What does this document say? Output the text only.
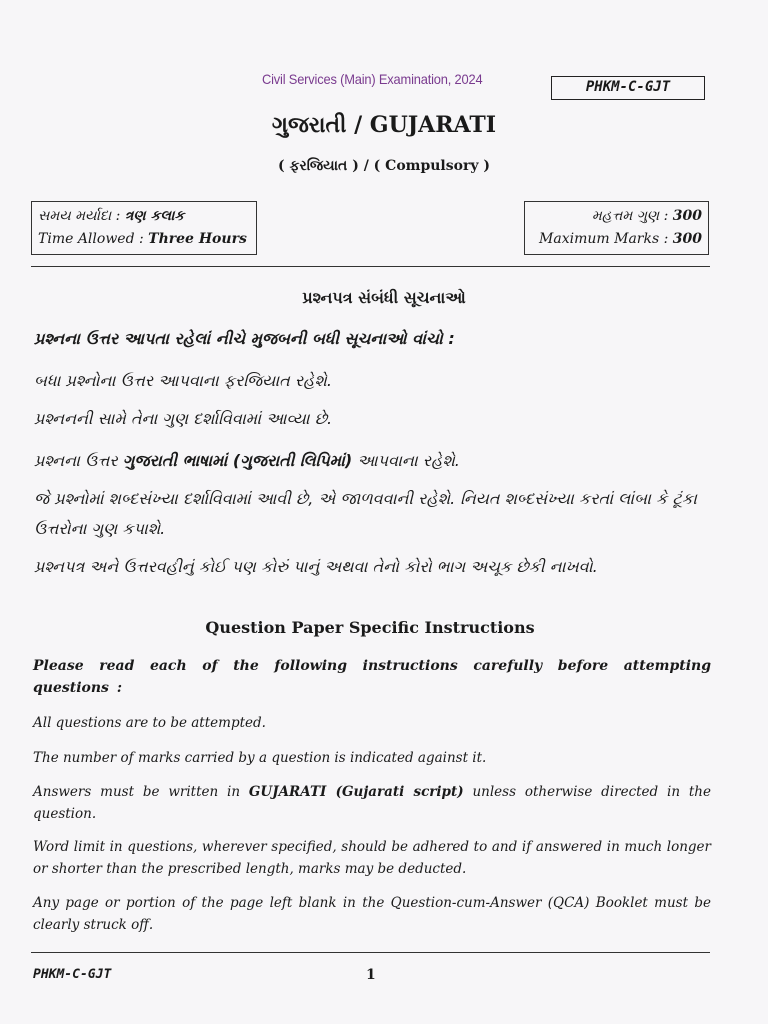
Civil Services (Main) Examination, 2024	PHKM-C-GJT
ગુજરાતી / GUJARATI
( ફરજિયાત ) / ( Compulsory )
સમય મર્યાદા : ત્રણ કલાક
Time Allowed : Three Hours
મહત્તમ ગુણ : 300
Maximum Marks : 300
પ્રશ્નપત્ર સંબંધી સૂચનાઓ
પ્રશ્નના ઉત્તર આપતા રહેલાં નીચે મુજબની બધી સૂચનાઓ વાંચો :
બધા પ્રશ્નોના ઉત્તર આપવાના ફરજિયાત રહેશે.
પ્રશ્નનની સામે તેના ગુણ દર્શાવિવામાં આવ્યા છે.
પ્રશ્નના ઉત્તર ગુજરાતી ભાષામાં (ગુજરાતી લિપિમાં) આપવાના રહેશે.
જે પ્રશ્નોમાં શબ્દસંખ્યા દર્શાવિવામાં આવી છે, એ જાળવવાની રહેશે. નિયત શબ્દસંખ્યા કરતાં લાંબા કે ટૂંકા ઉત્તરોના ગુણ કપાશે.
પ્રશ્નપત્ર અને ઉત્તરવહીનું કોઈ પણ કોરું પાનું અથવા તેનો કોરો ભાગ અચૂક છેકી નાખવો.
Question Paper Specific Instructions
Please read each of the following instructions carefully before attempting questions :
All questions are to be attempted.
The number of marks carried by a question is indicated against it.
Answers must be written in GUJARATI (Gujarati script) unless otherwise directed in the question.
Word limit in questions, wherever specified, should be adhered to and if answered in much longer or shorter than the prescribed length, marks may be deducted.
Any page or portion of the page left blank in the Question-cum-Answer (QCA) Booklet must be clearly struck off.
PHKM-C-GJT	1
